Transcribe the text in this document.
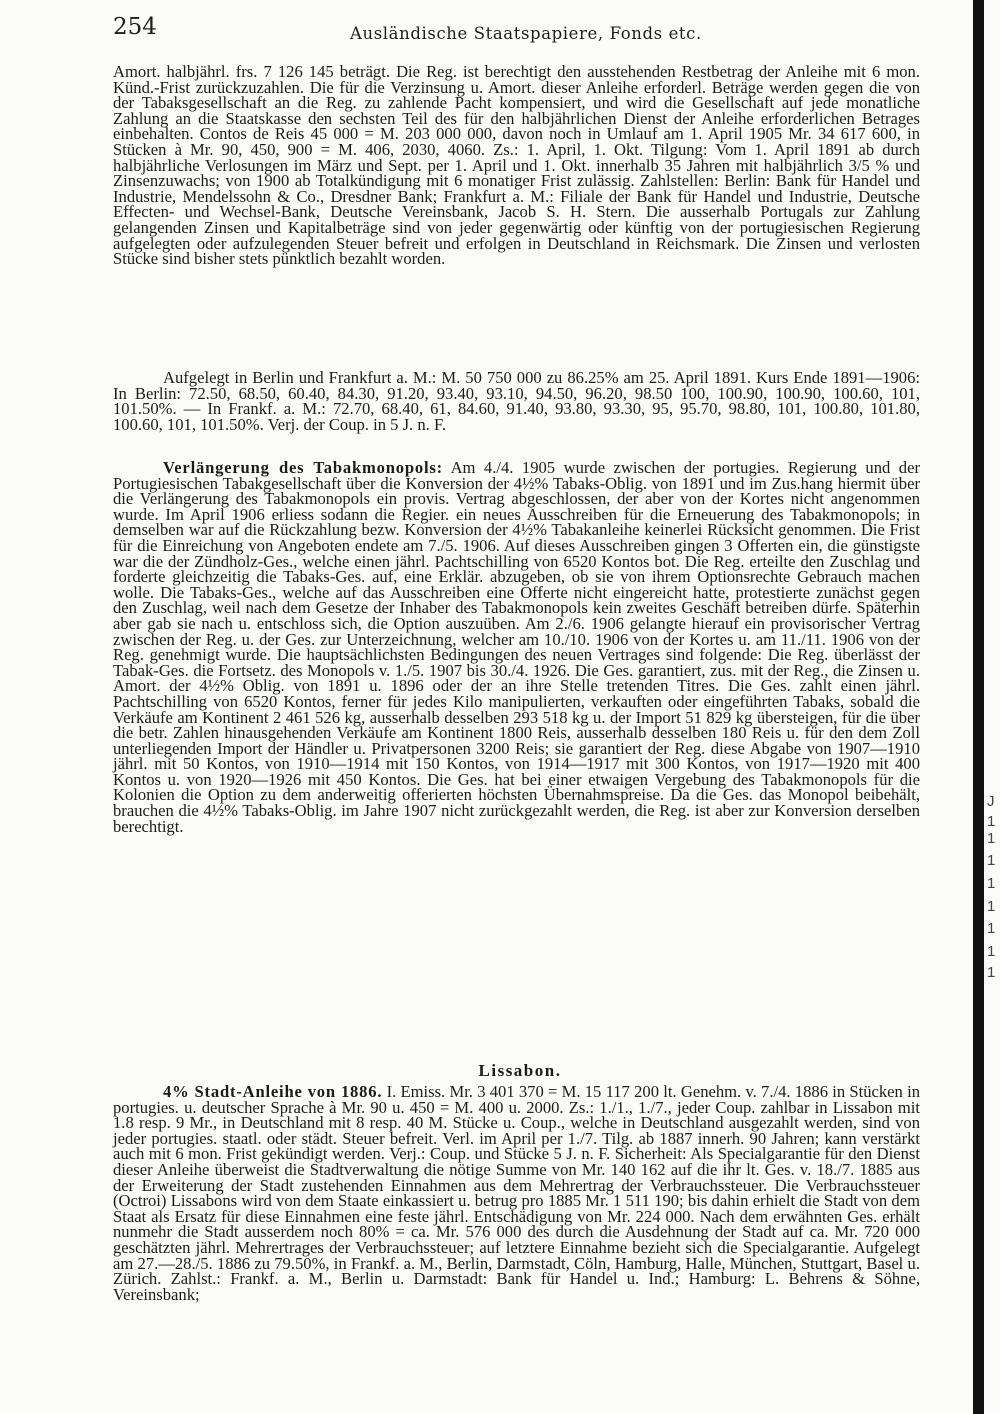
J
1
1
1
1
1
1
1
1
254	Ausländische Staatspapiere, Fonds etc.

Amort. halbjährl. frs. 7 126 145 beträgt. Die Reg. ist berechtigt den ausstehenden Restbetrag der Anleihe mit 6 mon. Künd.-Frist zurückzuzahlen. Die für die Verzinsung u. Amort. dieser Anleihe erforderl. Beträge werden gegen die von der Tabaksgesellschaft an die Reg. zu zahlende Pacht kompensiert, und wird die Gesellschaft auf jede monatliche Zahlung an die Staatskasse den sechsten Teil des für den halbjährlichen Dienst der Anleihe erforderlichen Betrages einbehalten. Contos de Reis 45 000 = M. 203 000 000, davon noch in Umlauf am 1. April 1905 Mr. 34 617 600, in Stücken à Mr. 90, 450, 900 = M. 406, 2030, 4060. Zs.: 1. April, 1. Okt. Tilgung: Vom 1. April 1891 ab durch halbjährliche Verlosungen im März und Sept. per 1. April und 1. Okt. innerhalb 35 Jahren mit halbjährlich 3/5 % und Zinsenzuwachs; von 1900 ab Totalkündigung mit 6 monatiger Frist zulässig. Zahlstellen: Berlin: Bank für Handel und Industrie, Mendelssohn & Co., Dresdner Bank; Frankfurt a. M.: Filiale der Bank für Handel und Industrie, Deutsche Effecten- und Wechsel-Bank, Deutsche Vereinsbank, Jacob S. H. Stern. Die ausserhalb Portugals zur Zahlung gelangenden Zinsen und Kapitalbeträge sind von jeder gegenwärtig oder künftig von der portugiesischen Regierung aufgelegten oder aufzulegenden Steuer befreit und erfolgen in Deutschland in Reichsmark. Die Zinsen und verlosten Stücke sind bisher stets pünktlich bezahlt worden.

Aufgelegt in Berlin und Frankfurt a. M.: M. 50 750 000 zu 86.25% am 25. April 1891. Kurs Ende 1891—1906: In Berlin: 72.50, 68.50, 60.40, 84.30, 91.20, 93.40, 93.10, 94.50, 96.20, 98.50 100, 100.90, 100.90, 100.60, 101, 101.50%. — In Frankf. a. M.: 72.70, 68.40, 61, 84.60, 91.40, 93.80, 93.30, 95, 95.70, 98.80, 101, 100.80, 101.80, 100.60, 101, 101.50%. Verj. der Coup. in 5 J. n. F.

Verlängerung des Tabakmonopols: Am 4./4. 1905 wurde zwischen der portugies. Regierung und der Portugiesischen Tabakgesellschaft über die Konversion der 4½% Tabaks-Oblig. von 1891 und im Zus.hang hiermit über die Verlängerung des Tabakmonopols ein provis. Vertrag abgeschlossen, der aber von der Kortes nicht angenommen wurde. Im April 1906 erliess sodann die Regier. ein neues Ausschreiben für die Erneuerung des Tabakmonopols; in demselben war auf die Rückzahlung bezw. Konversion der 4½% Tabakanleihe keinerlei Rücksicht genommen. Die Frist für die Einreichung von Angeboten endete am 7./5. 1906. Auf dieses Ausschreiben gingen 3 Offerten ein, die günstigste war die der Zündholz-Ges., welche einen jährl. Pachtschilling von 6520 Kontos bot. Die Reg. erteilte den Zuschlag und forderte gleichzeitig die Tabaks-Ges. auf, eine Erklär. abzugeben, ob sie von ihrem Optionsrechte Gebrauch machen wolle. Die Tabaks-Ges., welche auf das Ausschreiben eine Offerte nicht eingereicht hatte, protestierte zunächst gegen den Zuschlag, weil nach dem Gesetze der Inhaber des Tabakmonopols kein zweites Geschäft betreiben dürfe. Späterhin aber gab sie nach u. entschloss sich, die Option auszuüben. Am 2./6. 1906 gelangte hierauf ein provisorischer Vertrag zwischen der Reg. u. der Ges. zur Unterzeichnung, welcher am 10./10. 1906 von der Kortes u. am 11./11. 1906 von der Reg. genehmigt wurde. Die hauptsächlichsten Bedingungen des neuen Vertrages sind folgende: Die Reg. überlässt der Tabak-Ges. die Fortsetz. des Monopols v. 1./5. 1907 bis 30./4. 1926. Die Ges. garantiert, zus. mit der Reg., die Zinsen u. Amort. der 4½% Oblig. von 1891 u. 1896 oder der an ihre Stelle tretenden Titres. Die Ges. zahlt einen jährl. Pachtschilling von 6520 Kontos, ferner für jedes Kilo manipulierten, verkauften oder eingeführten Tabaks, sobald die Verkäufe am Kontinent 2 461 526 kg, ausserhalb desselben 293 518 kg u. der Import 51 829 kg übersteigen, für die über die betr. Zahlen hinausgehenden Verkäufe am Kontinent 1800 Reis, ausserhalb desselben 180 Reis u. für den dem Zoll unterliegenden Import der Händler u. Privatpersonen 3200 Reis; sie garantiert der Reg. diese Abgabe von 1907—1910 jährl. mit 50 Kontos, von 1910—1914 mit 150 Kontos, von 1914—1917 mit 300 Kontos, von 1917—1920 mit 400 Kontos u. von 1920—1926 mit 450 Kontos. Die Ges. hat bei einer etwaigen Vergebung des Tabakmonopols für die Kolonien die Option zu dem anderweitig offerierten höchsten Übernahmspreise. Da die Ges. das Monopol beibehält, brauchen die 4½% Tabaks-Oblig. im Jahre 1907 nicht zurückgezahlt werden, die Reg. ist aber zur Konversion derselben berechtigt.

Lissabon.

4% Stadt-Anleihe von 1886. I. Emiss. Mr. 3 401 370 = M. 15 117 200 lt. Genehm. v. 7./4. 1886 in Stücken in portugies. u. deutscher Sprache à Mr. 90 u. 450 = M. 400 u. 2000. Zs.: 1./1., 1./7., jeder Coup. zahlbar in Lissabon mit 1.8 resp. 9 Mr., in Deutschland mit 8 resp. 40 M. Stücke u. Coup., welche in Deutschland ausgezahlt werden, sind von jeder portugies. staatl. oder städt. Steuer befreit. Verl. im April per 1./7. Tilg. ab 1887 innerh. 90 Jahren; kann verstärkt auch mit 6 mon. Frist gekündigt werden. Verj.: Coup. und Stücke 5 J. n. F. Sicherheit: Als Specialgarantie für den Dienst dieser Anleihe überweist die Stadtverwaltung die nötige Summe von Mr. 140 162 auf die ihr lt. Ges. v. 18./7. 1885 aus der Erweiterung der Stadt zustehenden Einnahmen aus dem Mehrertrag der Verbrauchssteuer. Die Verbrauchssteuer (Octroi) Lissabons wird von dem Staate einkassiert u. betrug pro 1885 Mr. 1 511 190; bis dahin erhielt die Stadt von dem Staat als Ersatz für diese Einnahmen eine feste jährl. Entschädigung von Mr. 224 000. Nach dem erwähnten Ges. erhält nunmehr die Stadt ausserdem noch 80% = ca. Mr. 576 000 des durch die Ausdehnung der Stadt auf ca. Mr. 720 000 geschätzten jährl. Mehrertrages der Verbrauchssteuer; auf letztere Einnahme bezieht sich die Specialgarantie. Aufgelegt am 27.—28./5. 1886 zu 79.50%, in Frankf. a. M., Berlin, Darmstadt, Cöln, Hamburg, Halle, München, Stuttgart, Basel u. Zürich. Zahlst.: Frankf. a. M., Berlin u. Darmstadt: Bank für Handel u. Ind.; Hamburg: L. Behrens & Söhne, Vereinsbank;
